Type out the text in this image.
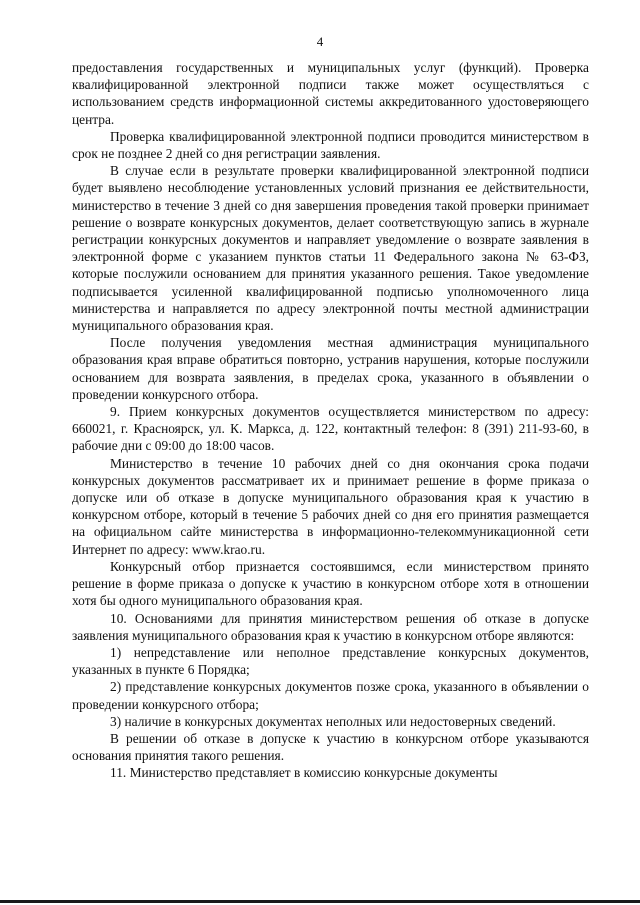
4

предоставления государственных и муниципальных услуг (функций). Проверка квалифицированной электронной подписи также может осуществляться с использованием средств информационной системы аккредитованного удостоверяющего центра.

Проверка квалифицированной электронной подписи проводится министерством в срок не позднее 2 дней со дня регистрации заявления.

В случае если в результате проверки квалифицированной электронной подписи будет выявлено несоблюдение установленных условий признания ее действительности, министерство в течение 3 дней со дня завершения проведения такой проверки принимает решение о возврате конкурсных документов, делает соответствующую запись в журнале регистрации конкурсных документов и направляет уведомление о возврате заявления в электронной форме с указанием пунктов статьи 11 Федерального закона № 63-ФЗ, которые послужили основанием для принятия указанного решения. Такое уведомление подписывается усиленной квалифицированной подписью уполномоченного лица министерства и направляется по адресу электронной почты местной администрации муниципального образования края.

После получения уведомления местная администрация муниципального образования края вправе обратиться повторно, устранив нарушения, которые послужили основанием для возврата заявления, в пределах срока, указанного в объявлении о проведении конкурсного отбора.

9. Прием конкурсных документов осуществляется министерством по адресу: 660021, г. Красноярск, ул. К. Маркса, д. 122, контактный телефон: 8 (391) 211-93-60, в рабочие дни с 09:00 до 18:00 часов.

Министерство в течение 10 рабочих дней со дня окончания срока подачи конкурсных документов рассматривает их и принимает решение в форме приказа о допуске или об отказе в допуске муниципального образования края к участию в конкурсном отборе, который в течение 5 рабочих дней со дня его принятия размещается на официальном сайте министерства в информационно-телекоммуникационной сети Интернет по адресу: www.krao.ru.

Конкурсный отбор признается состоявшимся, если министерством принято решение в форме приказа о допуске к участию в конкурсном отборе хотя в отношении хотя бы одного муниципального образования края.

10. Основаниями для принятия министерством решения об отказе в допуске заявления муниципального образования края к участию в конкурсном отборе являются:

1) непредставление или неполное представление конкурсных документов, указанных в пункте 6 Порядка;

2) представление конкурсных документов позже срока, указанного в объявлении о проведении конкурсного отбора;

3) наличие в конкурсных документах неполных или недостоверных сведений.

В решении об отказе в допуске к участию в конкурсном отборе указываются основания принятия такого решения.

11. Министерство представляет в комиссию конкурсные документы
